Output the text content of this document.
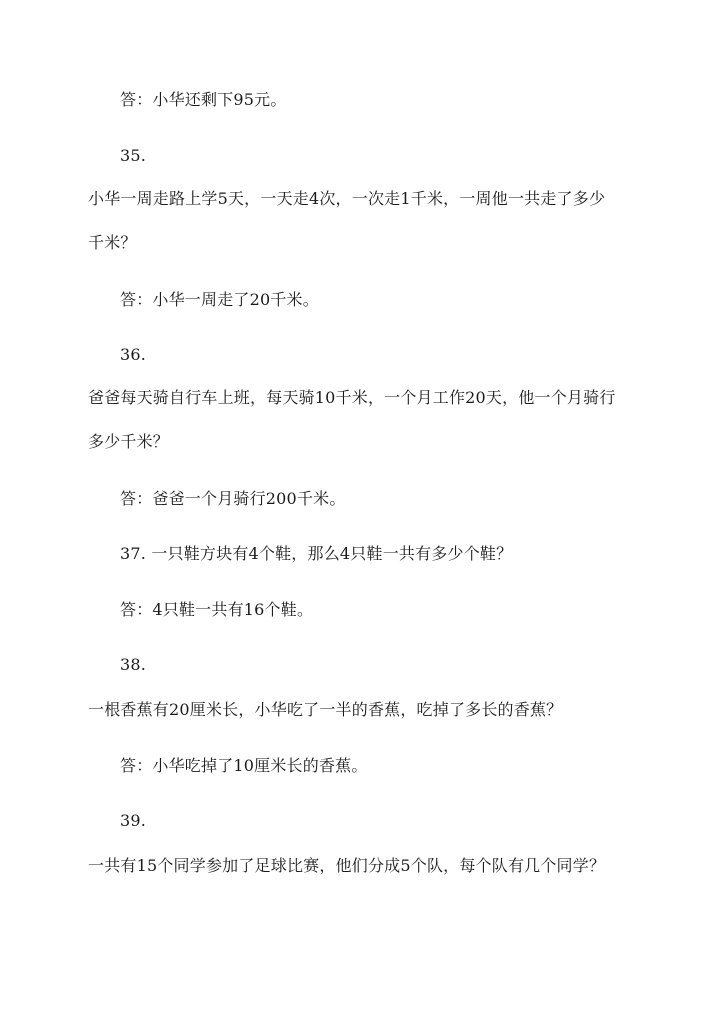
答：小华还剩下95元。
35.
小华一周走路上学5天，一天走4次，一次走1千米，一周他一共走了多少
千米？
答：小华一周走了20千米。
36.
爸爸每天骑自行车上班，每天骑10千米，一个月工作20天，他一个月骑行
多少千米？
答：爸爸一个月骑行200千米。
37. 一只鞋方块有4个鞋，那么4只鞋一共有多少个鞋？
答：4只鞋一共有16个鞋。
38.
一根香蕉有20厘米长，小华吃了一半的香蕉，吃掉了多长的香蕉？
答：小华吃掉了10厘米长的香蕉。
39.
一共有15个同学参加了足球比赛，他们分成5个队，每个队有几个同学？
